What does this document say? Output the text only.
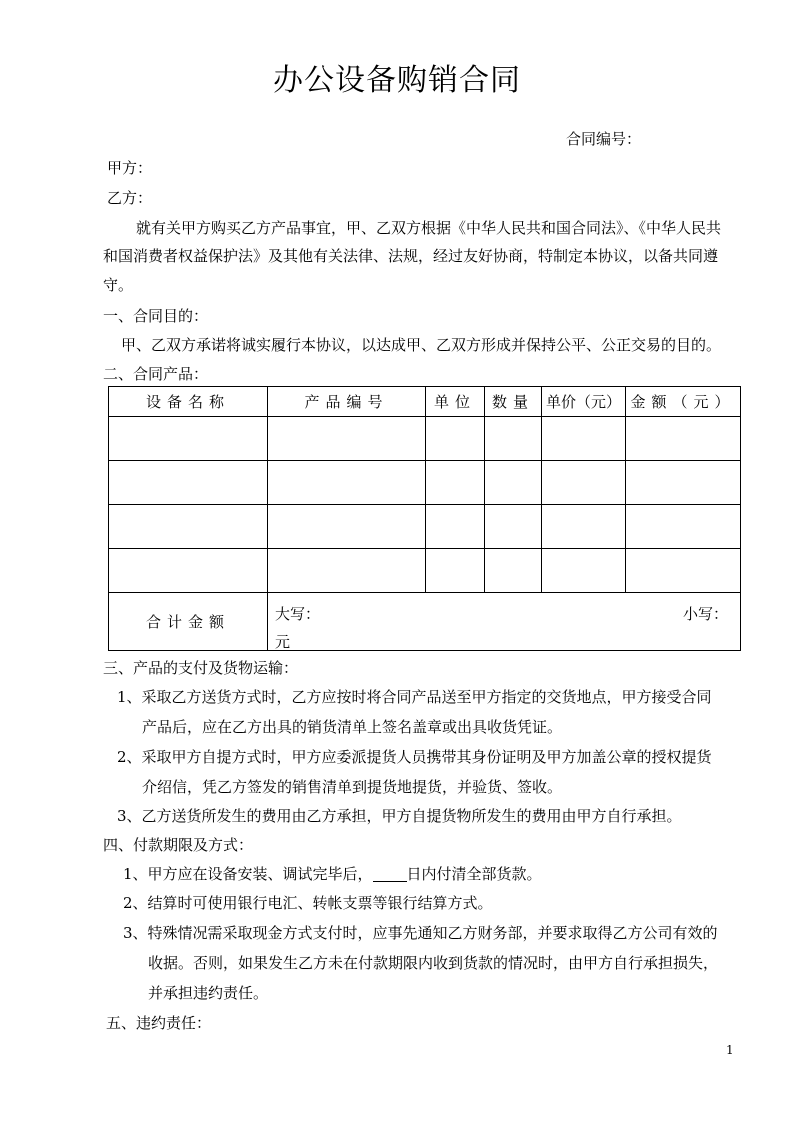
办公设备购销合同
合同编号：
甲方：
乙方：
就有关甲方购买乙方产品事宜，甲、乙双方根据《中华人民共和国合同法》、《中华人民共
和国消费者权益保护法》及其他有关法律、法规，经过友好协商，特制定本协议，以备共同遵
守。
一、合同目的：
甲、乙双方承诺将诚实履行本协议，以达成甲、乙双方形成并保持公平、公正交易的目的。
二、合同产品：
设备名称	产品编号	单位	数量	单价（元）	金额（元）

合计金额	大写： 小写：
元				
三、产品的支付及货物运输：
1、采取乙方送货方式时，乙方应按时将合同产品送至甲方指定的交货地点，甲方接受合同
产品后，应在乙方出具的销货清单上签名盖章或出具收货凭证。
2、采取甲方自提方式时，甲方应委派提货人员携带其身份证明及甲方加盖公章的授权提货
介绍信，凭乙方签发的销售清单到提货地提货，并验货、签收。
3、乙方送货所发生的费用由乙方承担，甲方自提货物所发生的费用由甲方自行承担。
四、付款期限及方式：
1、甲方应在设备安装、调试完毕后， 日内付清全部货款。
2、结算时可使用银行电汇、转帐支票等银行结算方式。
3、特殊情况需采取现金方式支付时，应事先通知乙方财务部，并要求取得乙方公司有效的
收据。否则，如果发生乙方未在付款期限内收到货款的情况时，由甲方自行承担损失，
并承担违约责任。
五、违约责任：
1
